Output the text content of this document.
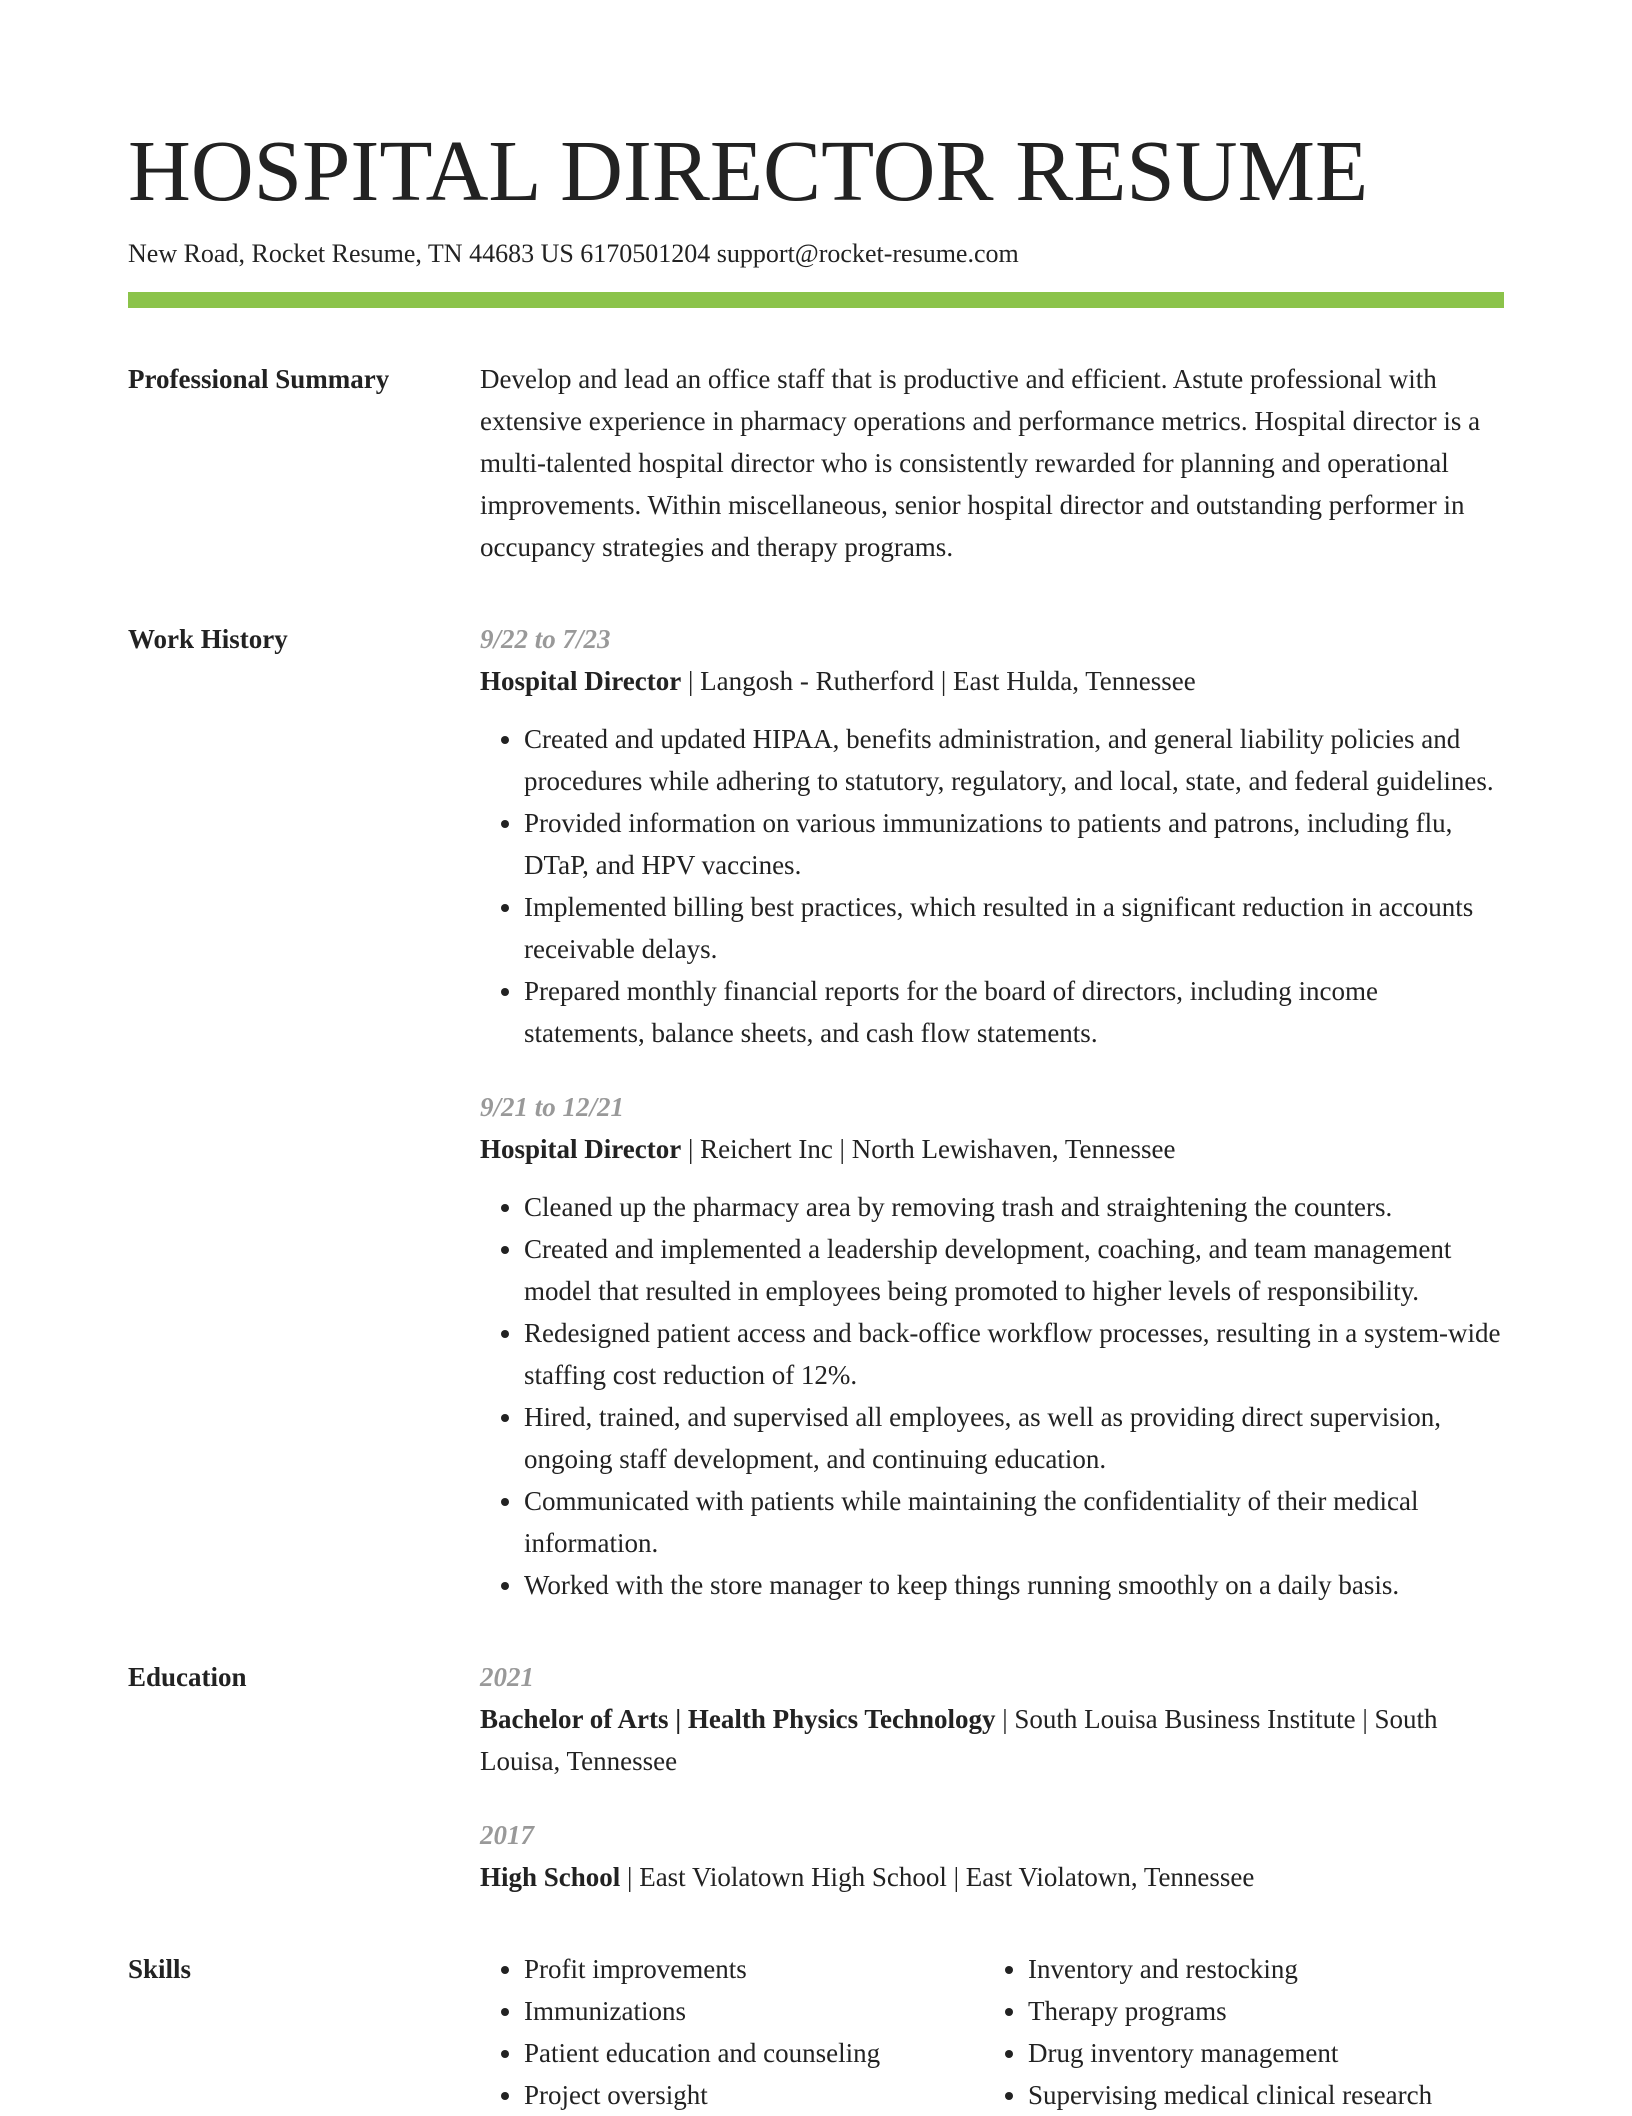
HOSPITAL DIRECTOR RESUME
New Road, Rocket Resume, TN 44683 US 6170501204 support@rocket-resume.com
Professional Summary	Develop and lead an office staff that is productive and efficient. Astute professional with extensive experience in pharmacy operations and performance metrics. Hospital director is a multi-talented hospital director who is consistently rewarded for planning and operational improvements. Within miscellaneous, senior hospital director and outstanding performer in occupancy strategies and therapy programs.

Work History	9/22 to 7/23
Hospital Director | Langosh - Rutherford | East Hulda, Tennessee
• Created and updated HIPAA, benefits administration, and general liability policies and procedures while adhering to statutory, regulatory, and local, state, and federal guidelines.
• Provided information on various immunizations to patients and patrons, including flu, DTaP, and HPV vaccines.
• Implemented billing best practices, which resulted in a significant reduction in accounts receivable delays.
• Prepared monthly financial reports for the board of directors, including income statements, balance sheets, and cash flow statements.
9/21 to 12/21
Hospital Director | Reichert Inc | North Lewishaven, Tennessee
• Cleaned up the pharmacy area by removing trash and straightening the counters.
• Created and implemented a leadership development, coaching, and team management model that resulted in employees being promoted to higher levels of responsibility.
• Redesigned patient access and back-office workflow processes, resulting in a system-wide staffing cost reduction of 12%.
• Hired, trained, and supervised all employees, as well as providing direct supervision, ongoing staff development, and continuing education.
• Communicated with patients while maintaining the confidentiality of their medical information.
• Worked with the store manager to keep things running smoothly on a daily basis.
Education	2021
Bachelor of Arts | Health Physics Technology | South Louisa Business Institute | South Louisa, Tennessee
2017
High School | East Violatown High School | East Violatown, Tennessee
Skills
•	Profit improvements
• Immunizations
• Patient education and counseling
• Project oversight
• Inventory and restocking
• Therapy programs
• Drug inventory management
• Supervising medical clinical research
